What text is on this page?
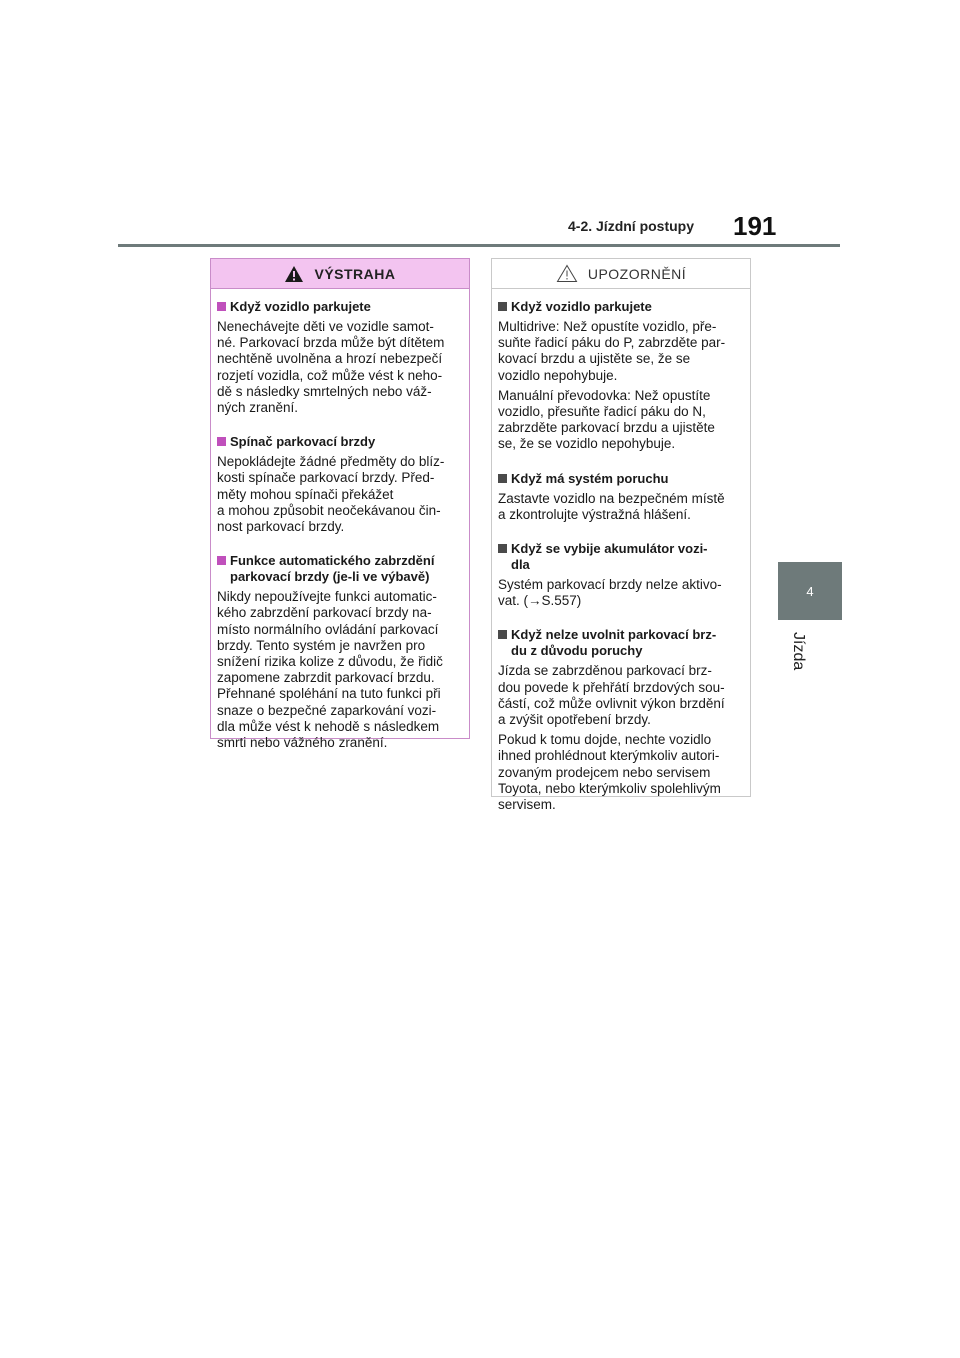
4-2. Jízdní postupy 191
4
Jízda
VÝSTRAHA
Když vozidlo parkujete

Nenechávejte děti ve vozidle samot-
né. Parkovací brzda může být dítětem
nechtěně uvolněna a hrozí nebezpečí
rozjetí vozidla, což může vést k neho-
dě s následky smrtelných nebo váž-
ných zranění.

Spínač parkovací brzdy

Nepokládejte žádné předměty do blíz-
kosti spínače parkovací brzdy. Před-
měty mohou spínači překážet
a mohou způsobit neočekávanou čin-
nost parkovací brzdy.

Funkce automatického zabrzdění
parkovací brzdy (je-li ve výbavě)

Nikdy nepoužívejte funkci automatic-
kého zabrzdění parkovací brzdy na-
místo normálního ovládání parkovací
brzdy. Tento systém je navržen pro
snížení rizika kolize z důvodu, že řidič
zapomene zabrzdit parkovací brzdu.
Přehnané spoléhání na tuto funkci při
snaze o bezpečné zaparkování vozi-
dla může vést k nehodě s následkem
smrti nebo vážného zranění.

UPOZORNĚNÍ
Když vozidlo parkujete

Multidrive: Než opustíte vozidlo, pře-
suňte řadicí páku do P, zabrzděte par-
kovací brzdu a ujistěte se, že se
vozidlo nepohybuje.

Manuální převodovka: Než opustíte
vozidlo, přesuňte řadicí páku do N,
zabrzděte parkovací brzdu a ujistěte
se, že se vozidlo nepohybuje.

Když má systém poruchu

Zastavte vozidlo na bezpečném místě
a zkontrolujte výstražná hlášení.

Když se vybije akumulátor vozi-
dla

Systém parkovací brzdy nelze aktivo-
vat. (→S.557)

Když nelze uvolnit parkovací brz-
du z důvodu poruchy

Jízda se zabrzděnou parkovací brz-
dou povede k přehřátí brzdových sou-
částí, což může ovlivnit výkon brzdění
a zvýšit opotřebení brzdy.

Pokud k tomu dojde, nechte vozidlo
ihned prohlédnout kterýmkoliv autori-
zovaným prodejcem nebo servisem
Toyota, nebo kterýmkoliv spolehlivým
servisem.
